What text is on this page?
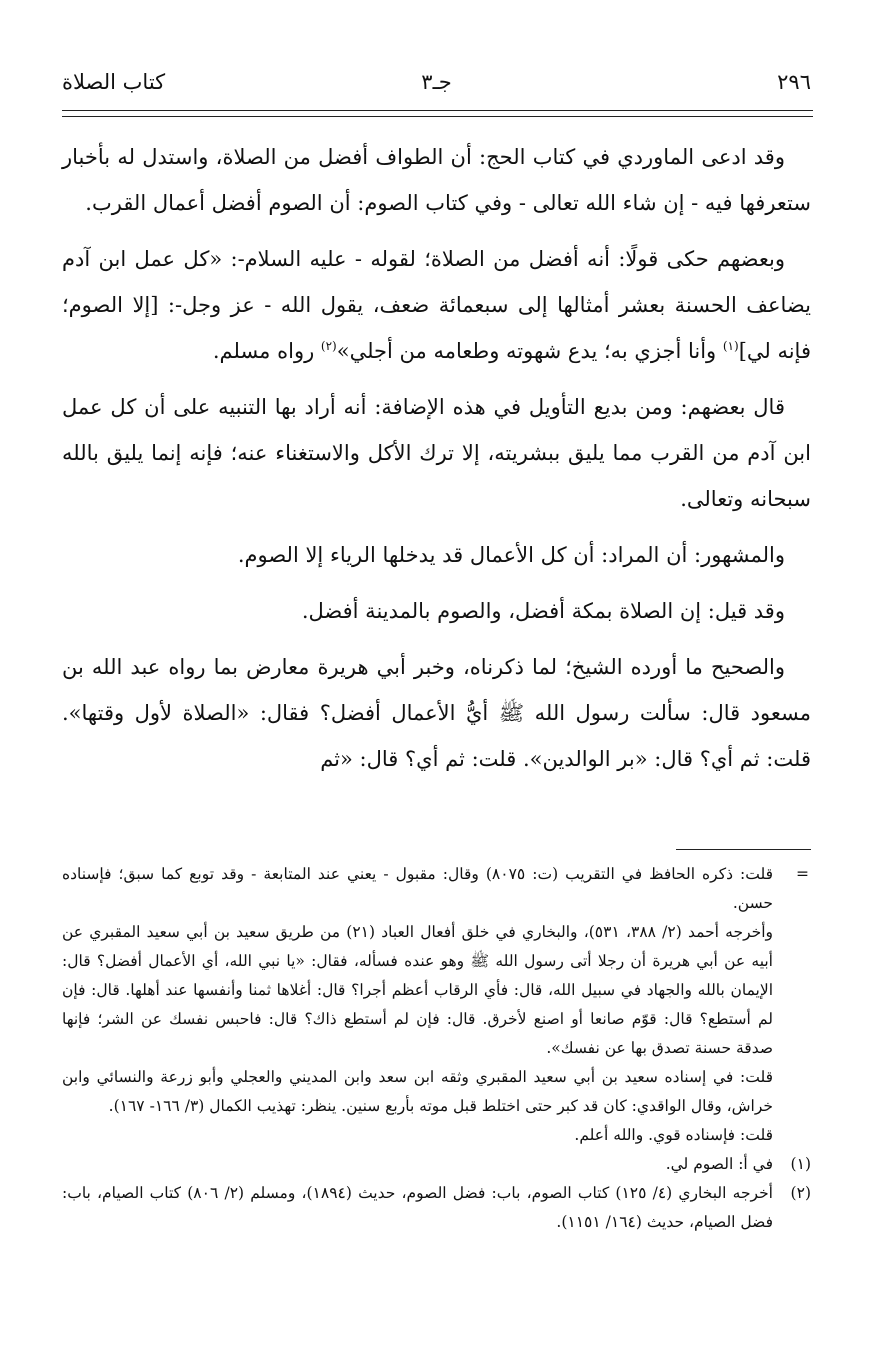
٢٩٦
جـ٣
كتاب الصلاة

وقد ادعى الماوردي في كتاب الحج: أن الطواف أفضل من الصلاة، واستدل له بأخبار ستعرفها فيه - إن شاء الله تعالى - وفي كتاب الصوم: أن الصوم أفضل أعمال القرب.

وبعضهم حكى قولًا: أنه أفضل من الصلاة؛ لقوله - عليه السلام-: «كل عمل ابن آدم يضاعف الحسنة بعشر أمثالها إلى سبعمائة ضعف، يقول الله - عز وجل-: [إلا الصوم؛ فإنه لي]$^{(١)}$ وأنا أجزي به؛ يدع شهوته وطعامه من أجلي»$^{(٢)}$ رواه مسلم.

قال بعضهم: ومن بديع التأويل في هذه الإضافة: أنه أراد بها التنبيه على أن كل عمل ابن آدم من القرب مما يليق ببشريته، إلا ترك الأكل والاستغناء عنه؛ فإنه إنما يليق بالله سبحانه وتعالى.

والمشهور: أن المراد: أن كل الأعمال قد يدخلها الرياء إلا الصوم.

وقد قيل: إن الصلاة بمكة أفضل، والصوم بالمدينة أفضل.

والصحيح ما أورده الشيخ؛ لما ذكرناه، وخبر أبي هريرة معارض بما رواه عبد الله بن مسعود قال: سألت رسول الله ﷺ أيُّ الأعمال أفضل؟ فقال: «الصلاة لأول وقتها». قلت: ثم أي؟ قال: «بر الوالدين». قلت: ثم أي؟ قال: «ثم

=

قلت: ذكره الحافظ في التقريب (ت: ٨٠٧٥) وقال: مقبول - يعني عند المتابعة - وقد توبع كما سبق؛ فإسناده حسن.

وأخرجه أحمد (٢/ ٣٨٨، ٥٣١)، والبخاري في خلق أفعال العباد (٢١) من طريق سعيد بن أبي سعيد المقبري عن أبيه عن أبي هريرة أن رجلا أتى رسول الله ﷺ وهو عنده فسأله، فقال: «يا نبي الله، أي الأعمال أفضل؟ قال: الإيمان بالله والجهاد في سبيل الله، قال: فأي الرقاب أعظم أجرا؟ قال: أغلاها ثمنا وأنفسها عند أهلها. قال: فإن لم أستطع؟ قال: قوّم صانعا أو اصنع لأخرق. قال: فإن لم أستطع ذاك؟ قال: فاحبس نفسك عن الشر؛ فإنها صدقة حسنة تصدق بها عن نفسك».

قلت: في إسناده سعيد بن أبي سعيد المقبري وثقه ابن سعد وابن المديني والعجلي وأبو زرعة والنسائي وابن خراش، وقال الواقدي: كان قد كبر حتى اختلط قبل موته بأربع سنين. ينظر: تهذيب الكمال (٣/ ١٦٦- ١٦٧).

قلت: فإسناده قوي. والله أعلم.

(١)
في أ: الصوم لي.
(٢)
أخرجه البخاري (٤/ ١٢٥) كتاب الصوم، باب: فضل الصوم، حديث (١٨٩٤)، ومسلم (٢/ ٨٠٦) كتاب الصيام، باب: فضل الصيام، حديث (١٦٤/ ١١٥١).
